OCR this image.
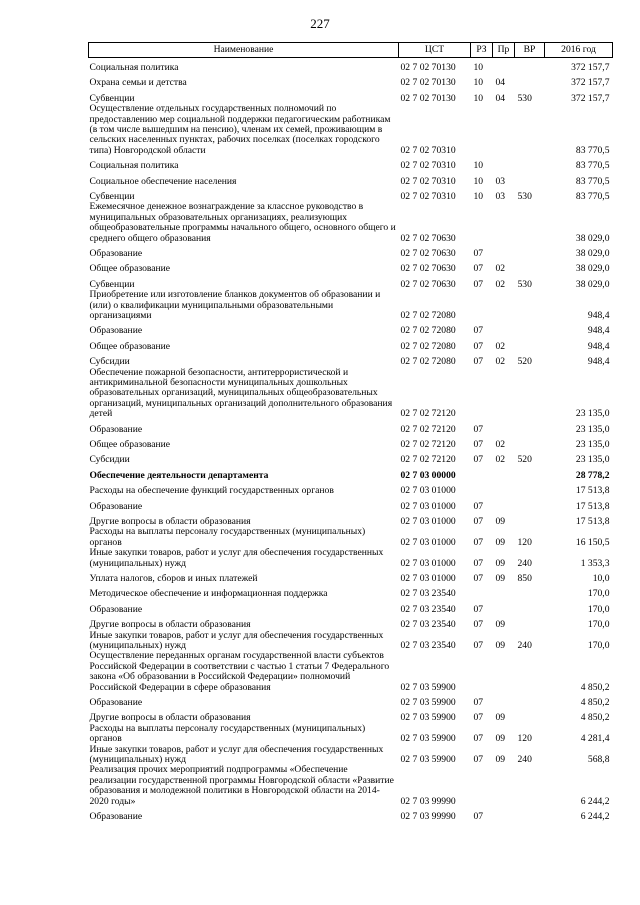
227
Наименование	ЦСТ	РЗ	Пр	ВР	2016 год
Социальная политика	02 7 02 70130	10			372 157,7
Охрана семьи и детства	02 7 02 70130	10	04		372 157,7
Субвенции	02 7 02 70130	10	04	530	372 157,7
Осуществление отдельных государственных полномочий по предоставлению мер социальной поддержки педагогическим работникам (в том числе вышедшим на пенсию), членам их семей, проживающим в сельских населенных пунктах, рабочих поселках (поселках городского типа) Новгородской области	02 7 02 70310				83 770,5
Социальная политика	02 7 02 70310	10			83 770,5
Социальное обеспечение населения	02 7 02 70310	10	03		83 770,5
Субвенции	02 7 02 70310	10	03	530	83 770,5
Ежемесячное денежное вознаграждение за классное руководство в муниципальных образовательных организациях, реализующих общеобразовательные программы начального общего, основного общего и среднего общего образования	02 7 02 70630				38 029,0
Образование	02 7 02 70630	07			38 029,0
Общее образование	02 7 02 70630	07	02		38 029,0
Субвенции	02 7 02 70630	07	02	530	38 029,0
Приобретение или изготовление бланков документов об образовании и (или) о квалификации муниципальными образовательными организациями	02 7 02 72080				948,4
Образование	02 7 02 72080	07			948,4
Общее образование	02 7 02 72080	07	02		948,4
Субсидии	02 7 02 72080	07	02	520	948,4
Обеспечение пожарной безопасности, антитеррористической и антикриминальной безопасности муниципальных дошкольных образовательных организаций, муниципальных общеобразовательных организаций, муниципальных организаций дополнительного образования детей	02 7 02 72120				23 135,0
Образование	02 7 02 72120	07			23 135,0
Общее образование	02 7 02 72120	07	02		23 135,0
Субсидии	02 7 02 72120	07	02	520	23 135,0
Обеспечение деятельности департамента	02 7 03 00000				28 778,2
Расходы на обеспечение функций государственных органов	02 7 03 01000				17 513,8
Образование	02 7 03 01000	07			17 513,8
Другие вопросы в области образования	02 7 03 01000	07	09		17 513,8
Расходы на выплаты персоналу государственных (муниципальных) органов	02 7 03 01000	07	09	120	16 150,5
Иные закупки товаров, работ и услуг для обеспечения государственных (муниципальных) нужд	02 7 03 01000	07	09	240	1 353,3
Уплата налогов, сборов и иных платежей	02 7 03 01000	07	09	850	10,0
Методическое обеспечение и информационная поддержка	02 7 03 23540				170,0
Образование	02 7 03 23540	07			170,0
Другие вопросы в области образования	02 7 03 23540	07	09		170,0
Иные закупки товаров, работ и услуг для обеспечения государственных (муниципальных) нужд	02 7 03 23540	07	09	240	170,0
Осуществление переданных органам государственной власти субъектов Российской Федерации в соответствии с частью 1 статьи 7 Федерального закона «Об образовании в Российской Федерации» полномочий Российской Федерации в сфере образования	02 7 03 59900				4 850,2
Образование	02 7 03 59900	07			4 850,2
Другие вопросы в области образования	02 7 03 59900	07	09		4 850,2
Расходы на выплаты персоналу государственных (муниципальных) органов	02 7 03 59900	07	09	120	4 281,4
Иные закупки товаров, работ и услуг для обеспечения государственных (муниципальных) нужд	02 7 03 59900	07	09	240	568,8
Реализация прочих мероприятий подпрограммы «Обеспечение реализации государственной программы Новгородской области «Развитие образования и молодежной политики в Новгородской области на 2014-2020 годы»	02 7 03 99990				6 244,2
Образование	02 7 03 99990	07			6 244,2
